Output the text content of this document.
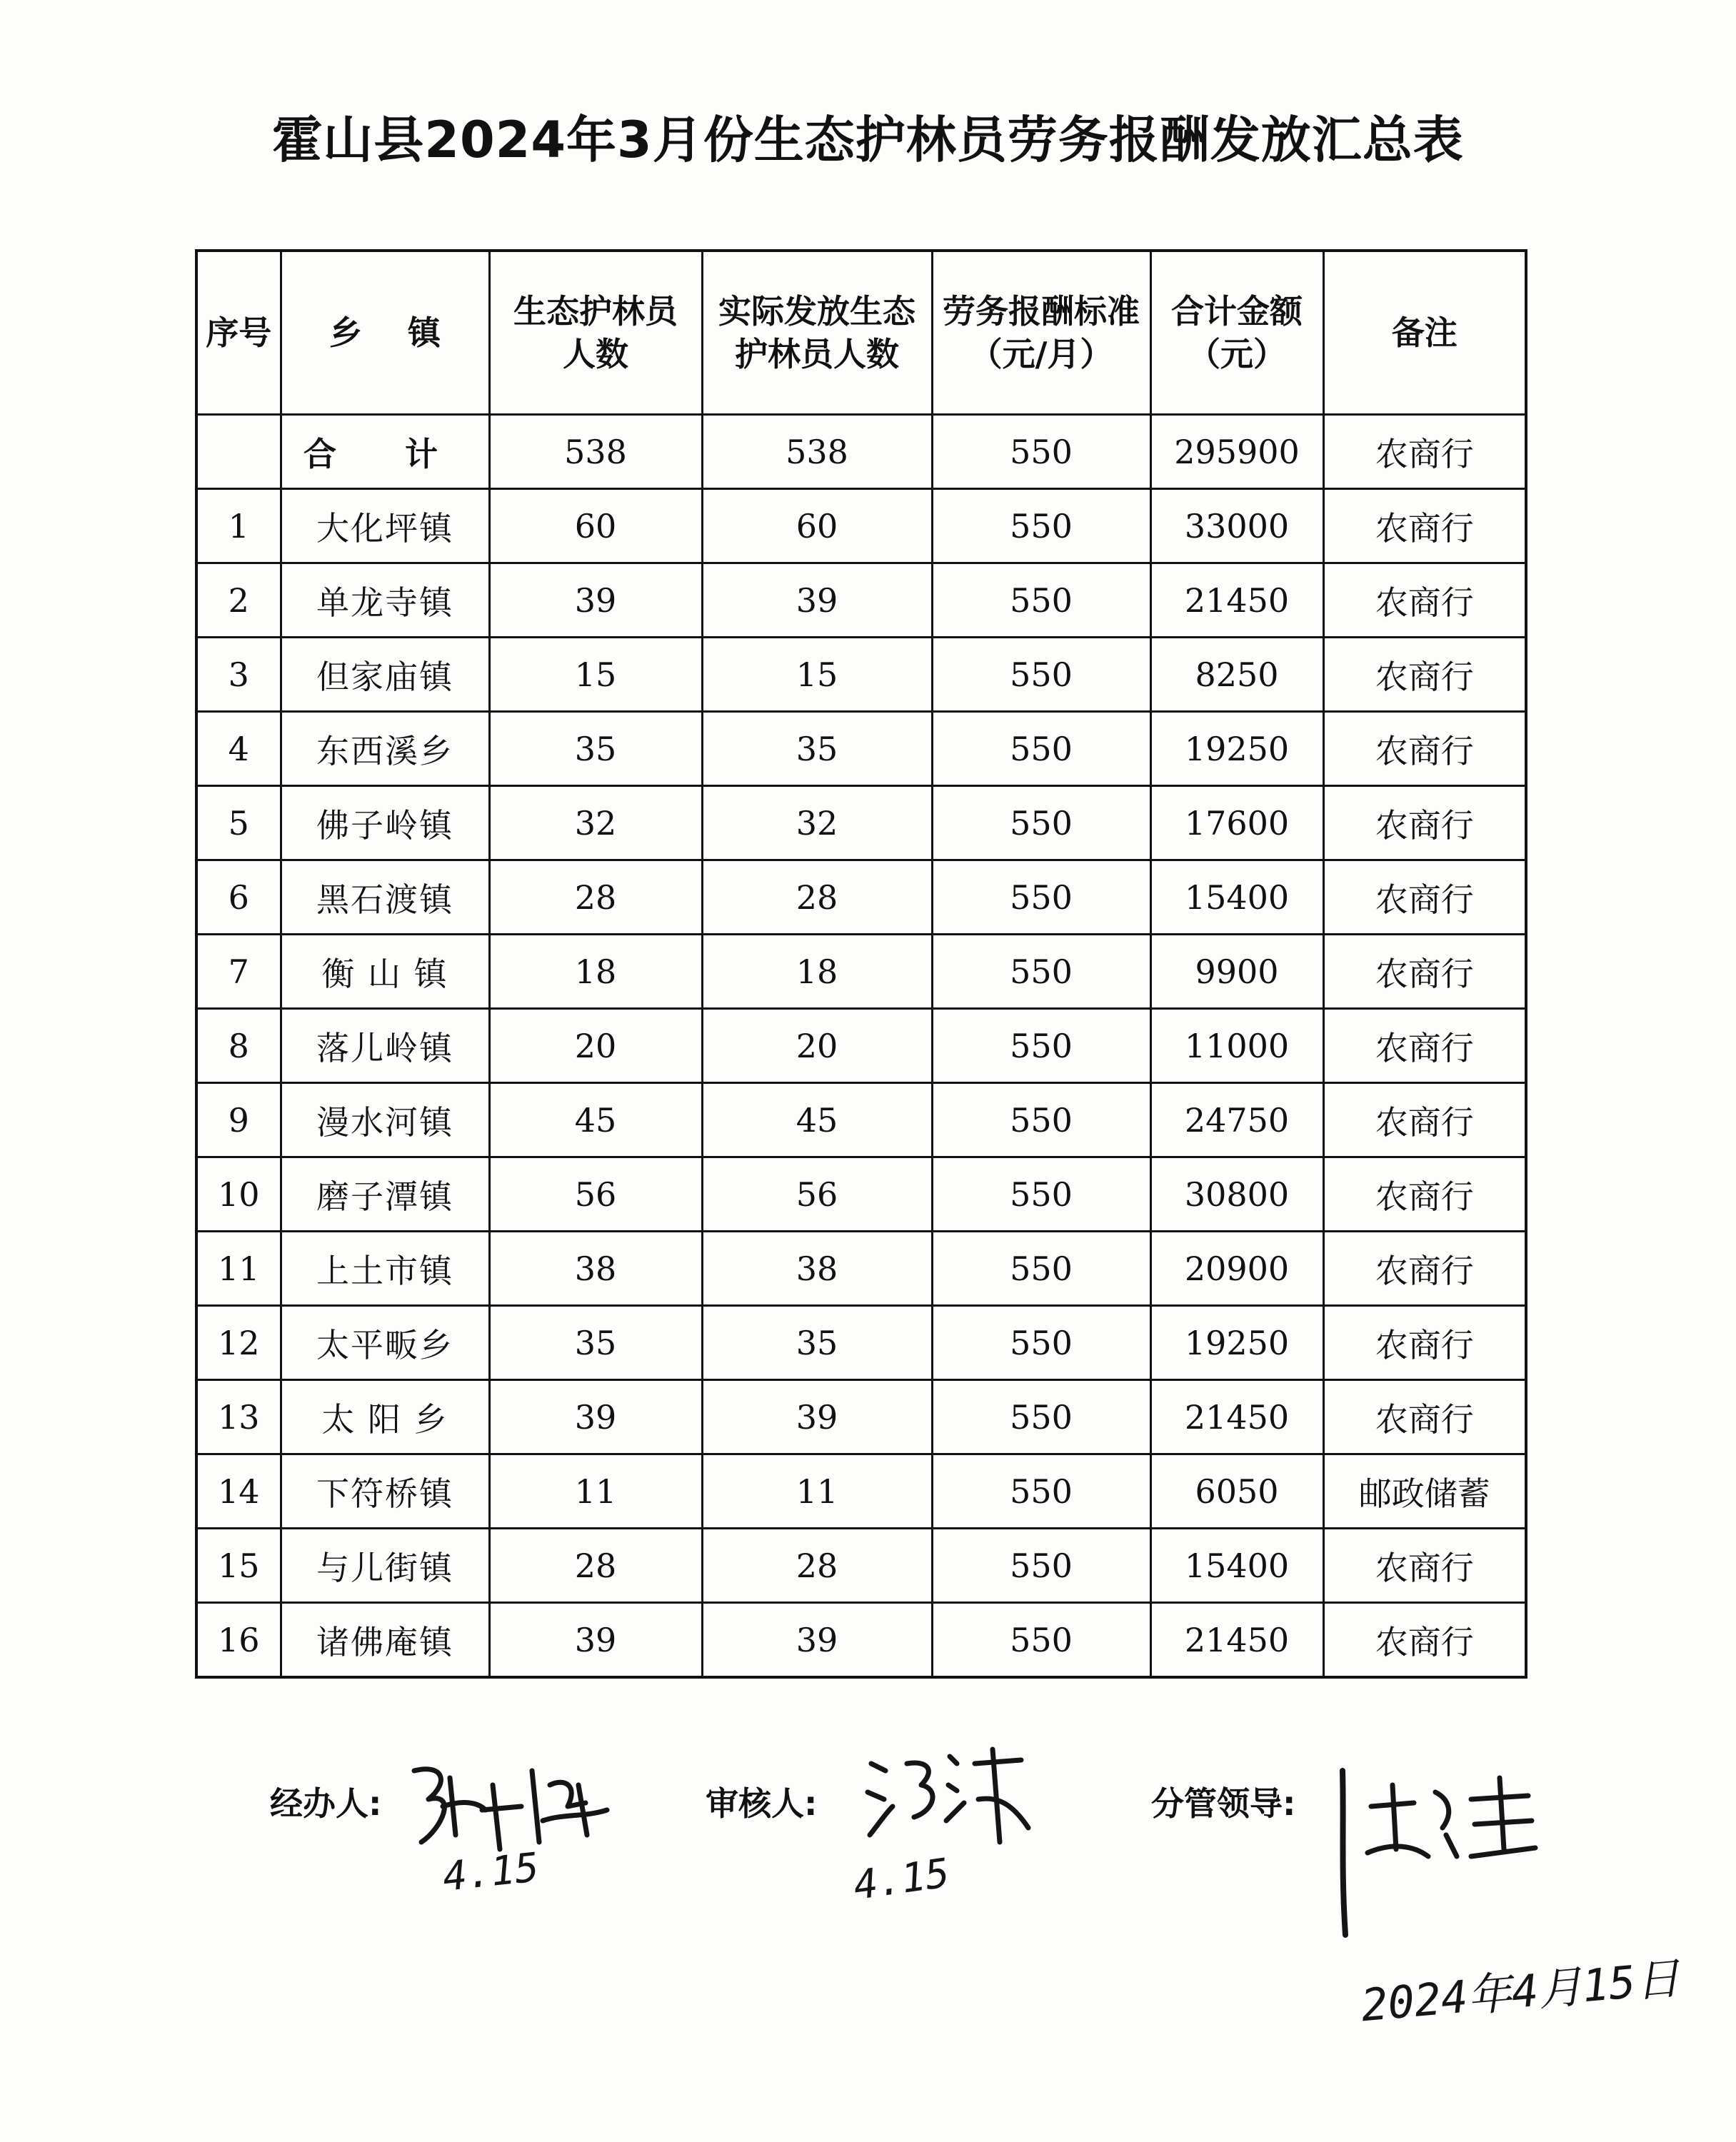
霍山县2024年3月份生态护林员劳务报酬发放汇总表
序号	乡 镇	生态护林员人数	实际发放生态护林员人数	劳务报酬标准（元/月）	合计金额（元）	备注
	合 计	538	538	550	295900	农商行
1	大化坪镇	60	60	550	33000	农商行
2	单龙寺镇	39	39	550	21450	农商行
3	但家庙镇	15	15	550	8250	农商行
4	东西溪乡	35	35	550	19250	农商行
5	佛子岭镇	32	32	550	17600	农商行
6	黑石渡镇	28	28	550	15400	农商行
7	衡 山 镇	18	18	550	9900	农商行
8	落儿岭镇	20	20	550	11000	农商行
9	漫水河镇	45	45	550	24750	农商行
10	磨子潭镇	56	56	550	30800	农商行
11	上土市镇	38	38	550	20900	农商行
12	太平畈乡	35	35	550	19250	农商行
13	太 阳 乡	39	39	550	21450	农商行
14	下符桥镇	11	11	550	6050	邮政储蓄
15	与儿街镇	28	28	550	15400	农商行
16	诸佛庵镇	39	39	550	21450	农商行
经办人:	审核人:	分管领导:
4.15	4.15
2024年4月15日
